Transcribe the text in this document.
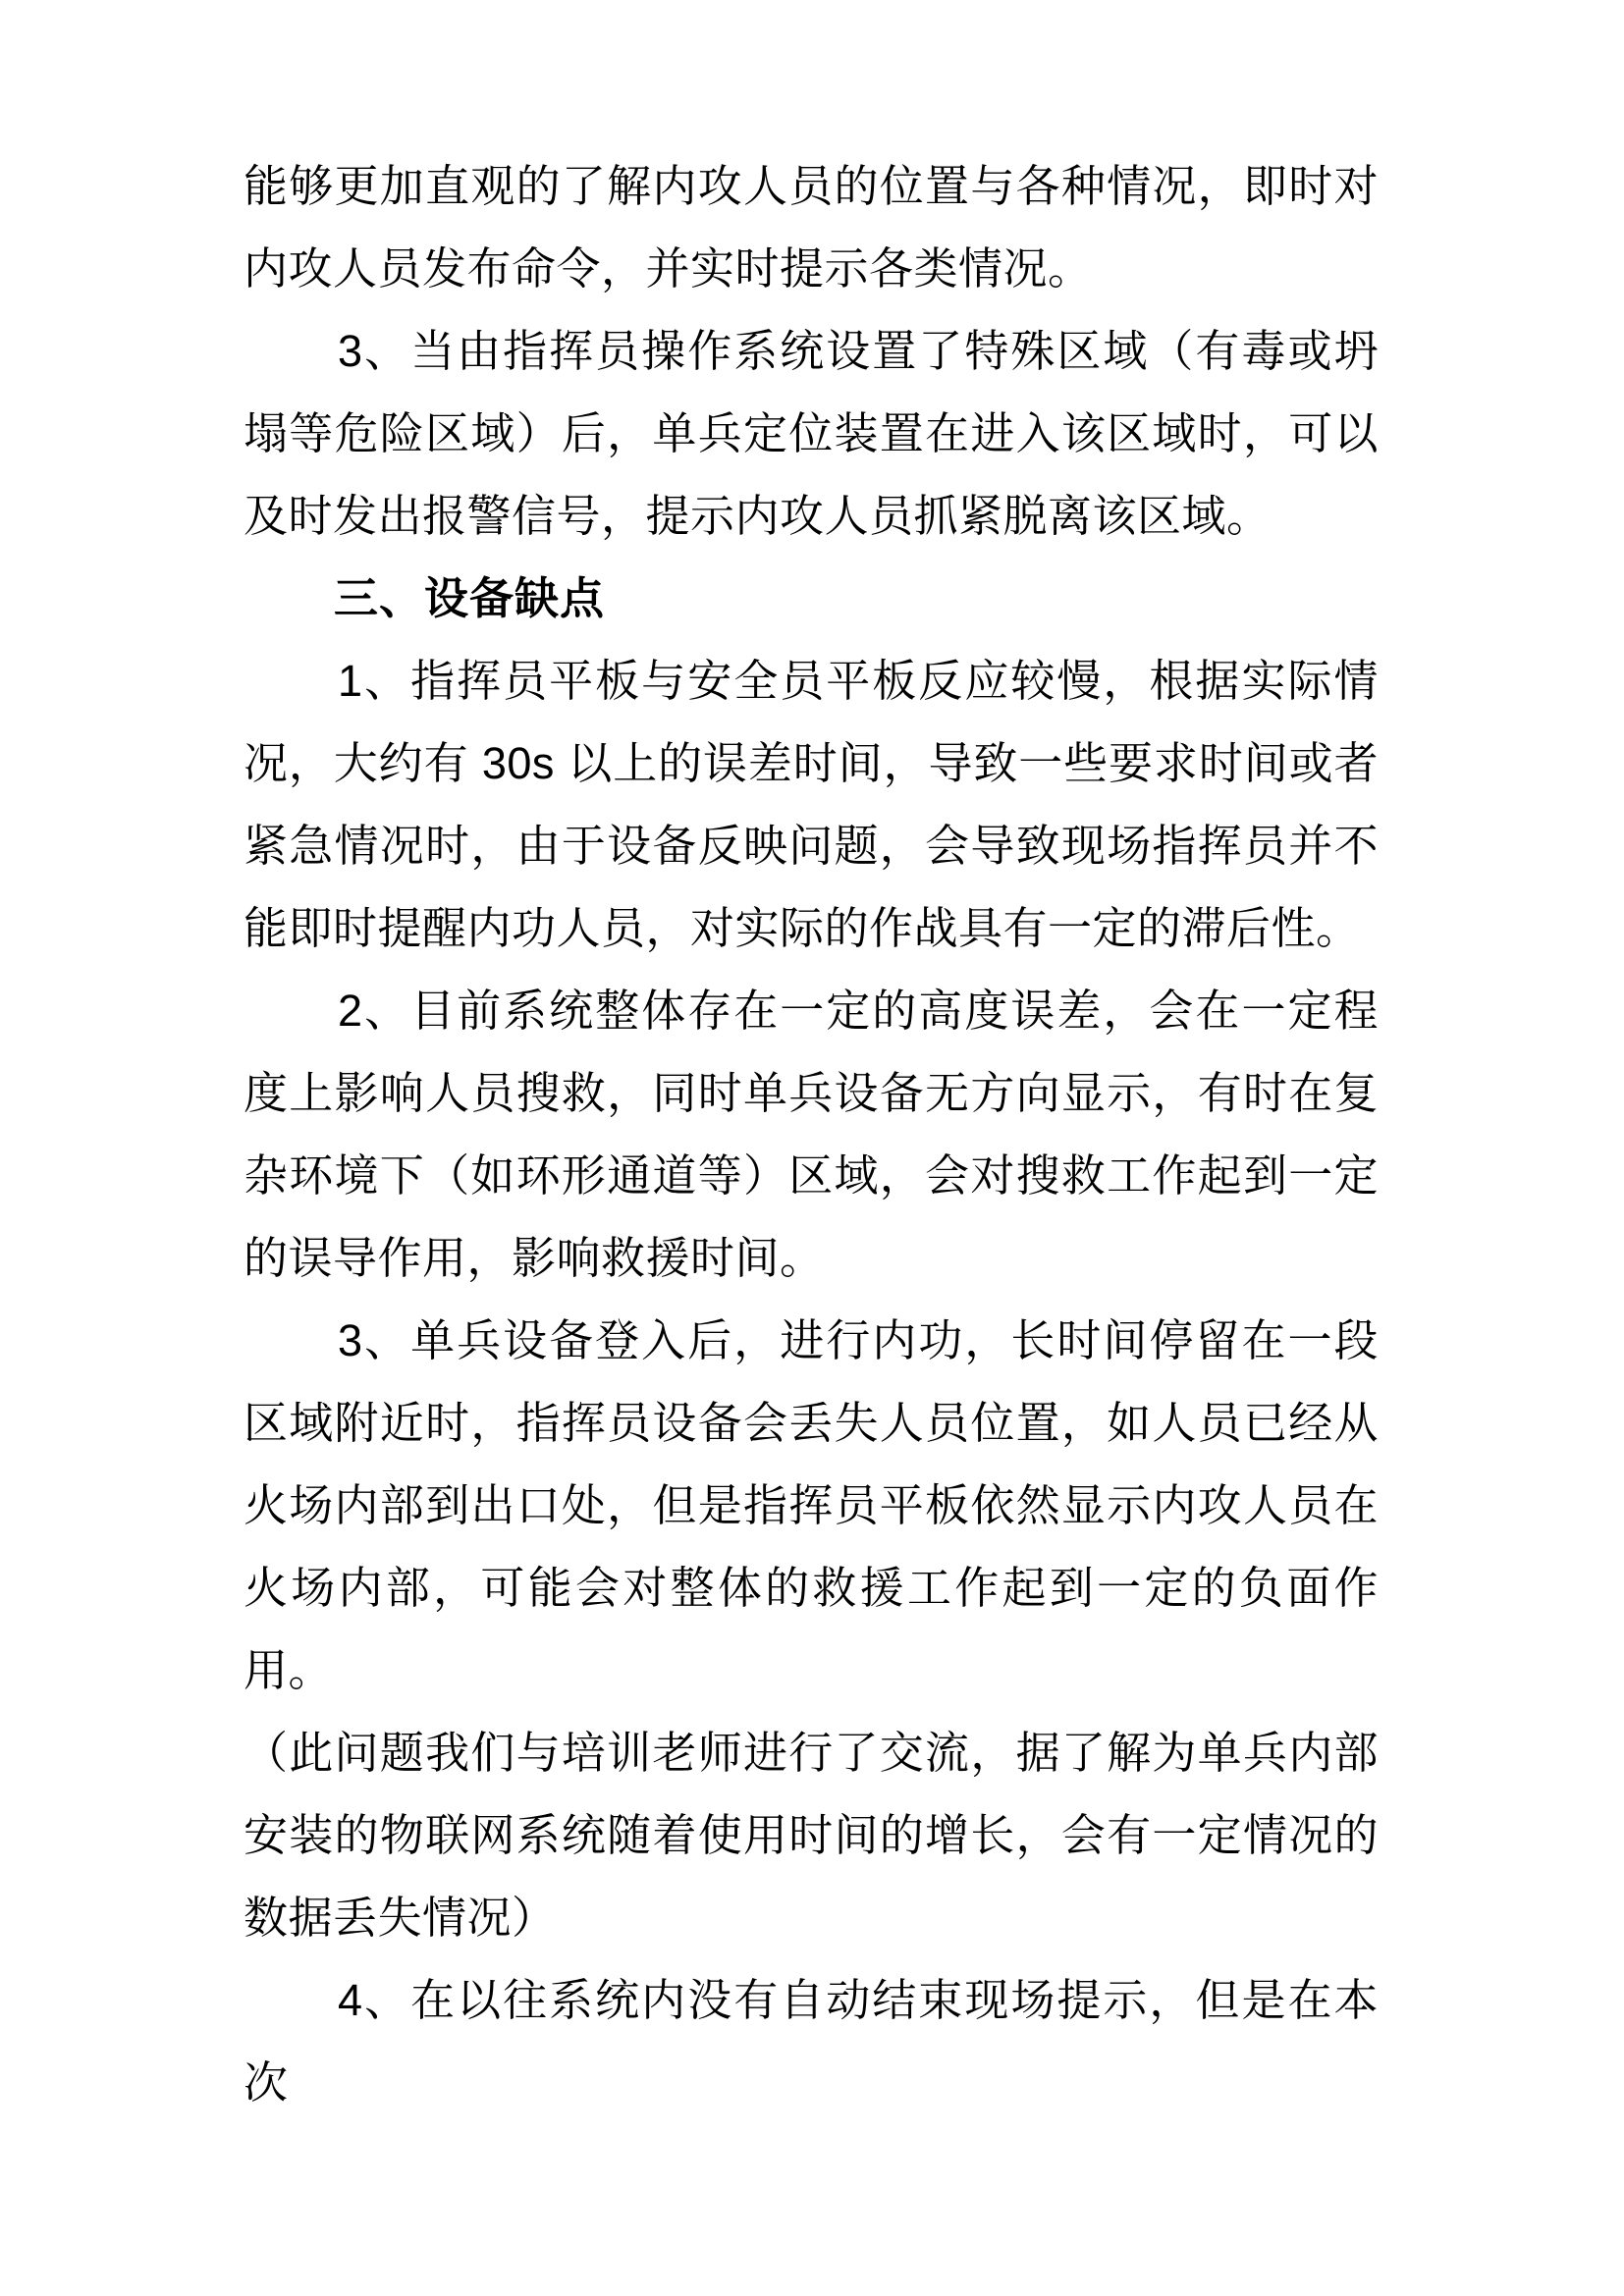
能够更加直观的了解内攻人员的位置与各种情况，即时对内攻人员发布命令，并实时提示各类情况。

3、当由指挥员操作系统设置了特殊区域（有毒或坍塌等危险区域）后，单兵定位装置在进入该区域时，可以及时发出报警信号，提示内攻人员抓紧脱离该区域。

三、设备缺点

1、指挥员平板与安全员平板反应较慢，根据实际情况，大约有 30s 以上的误差时间，导致一些要求时间或者紧急情况时，由于设备反映问题，会导致现场指挥员并不能即时提醒内功人员，对实际的作战具有一定的滞后性。

2、目前系统整体存在一定的高度误差，会在一定程度上影响人员搜救，同时单兵设备无方向显示，有时在复杂环境下（如环形通道等）区域，会对搜救工作起到一定的误导作用，影响救援时间。

3、单兵设备登入后，进行内功，长时间停留在一段区域附近时，指挥员设备会丢失人员位置，如人员已经从火场内部到出口处，但是指挥员平板依然显示内攻人员在火场内部，可能会对整体的救援工作起到一定的负面作用。

（此问题我们与培训老师进行了交流，据了解为单兵内部安装的物联网系统随着使用时间的增长，会有一定情况的数据丢失情况）

4、在以往系统内没有自动结束现场提示，但是在本次
